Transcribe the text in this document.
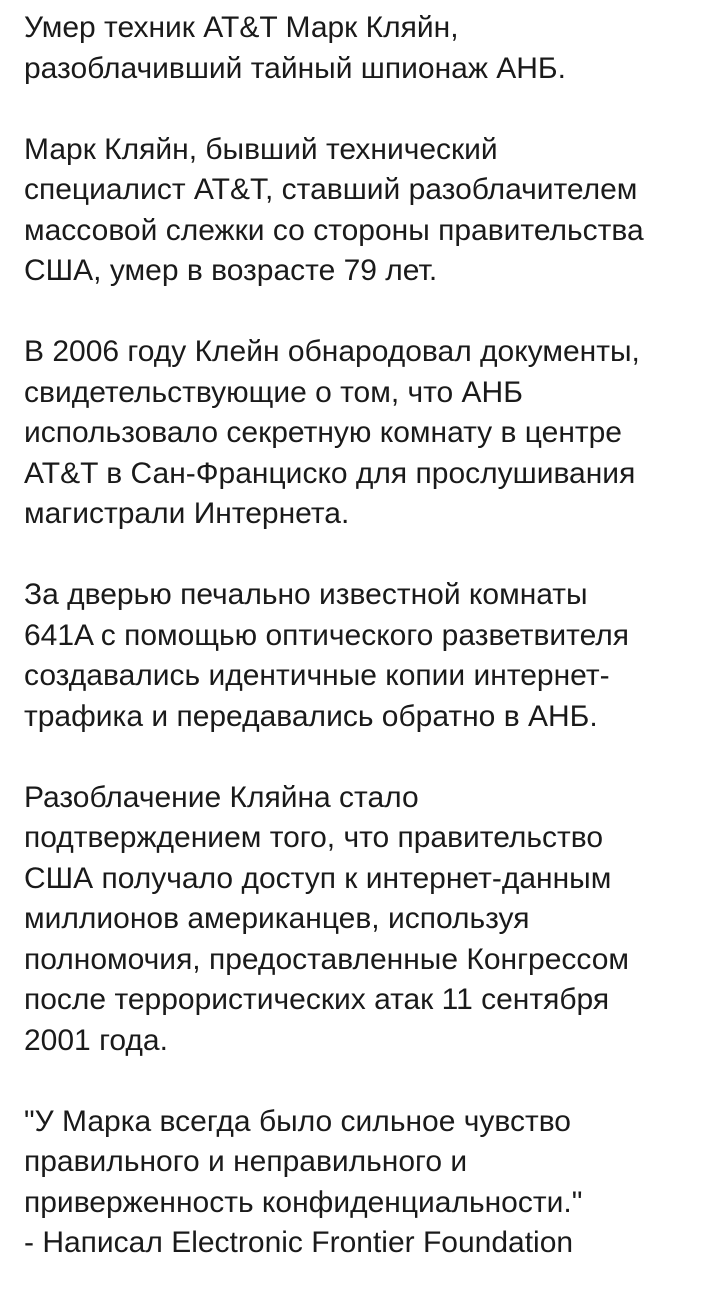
Умер техник AT&T Марк Кляйн,
разоблачивший тайный шпионаж АНБ.

Марк Кляйн, бывший технический
специалист AT&T, ставший разоблачителем
массовой слежки со стороны правительства
США, умер в возрасте 79 лет.

В 2006 году Клейн обнародовал документы,
свидетельствующие о том, что АНБ
использовало секретную комнату в центре
AT&T в Сан-Франциско для прослушивания
магистрали Интернета.

За дверью печально известной комнаты
641A с помощью оптического разветвителя
создавались идентичные копии интернет-
трафика и передавались обратно в АНБ.

Разоблачение Кляйна стало
подтверждением того, что правительство
США получало доступ к интернет-данным
миллионов американцев, используя
полномочия, предоставленные Конгрессом
после террористических атак 11 сентября
2001 года.

"У Марка всегда было сильное чувство
правильного и неправильного и
приверженность конфиденциальности."
- Написал Electronic Frontier Foundation
